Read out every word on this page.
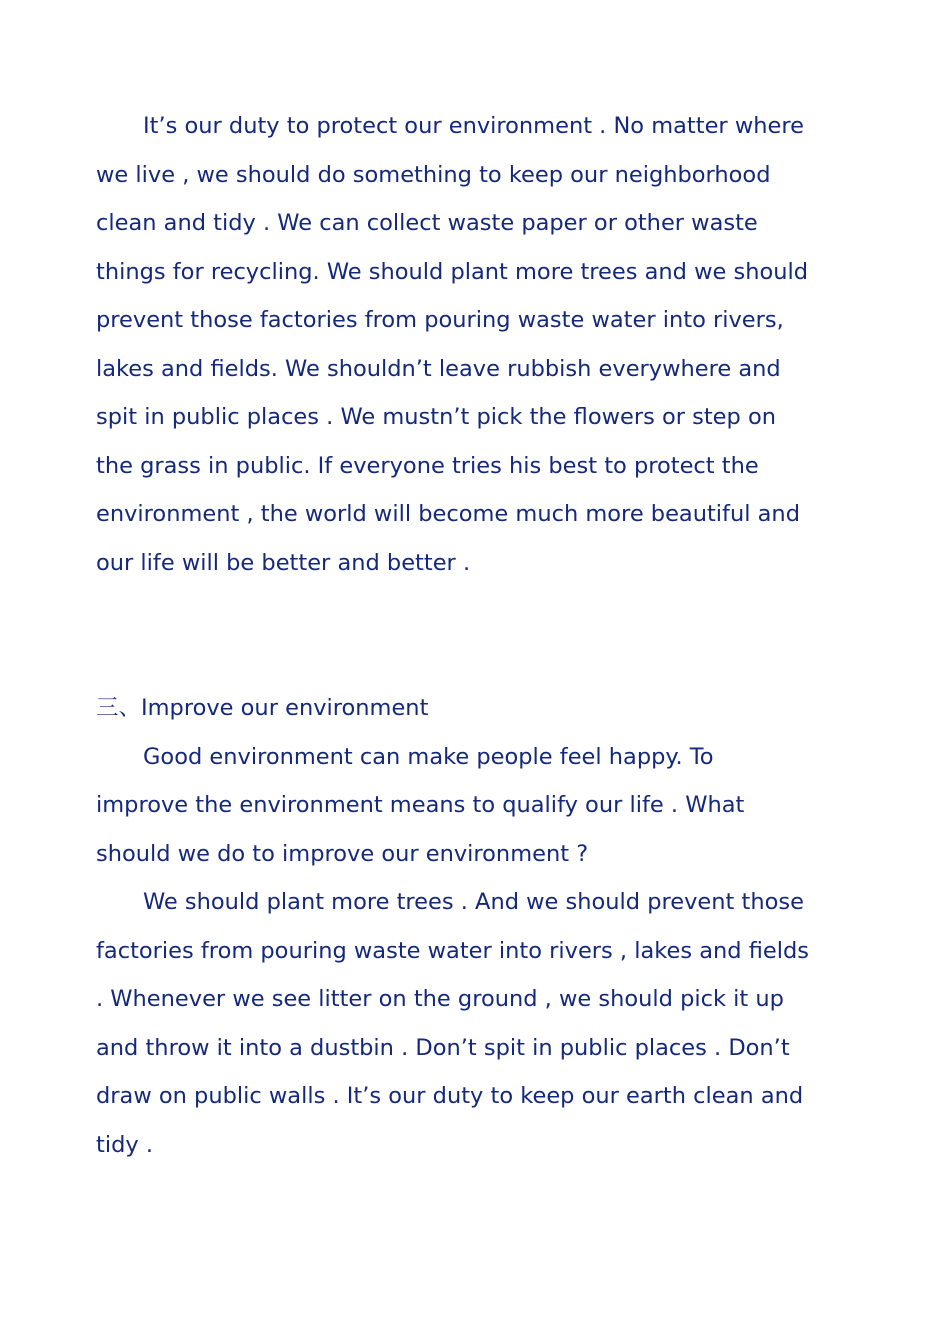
It’s our duty to protect our environment . No matter where
we live , we should do something to keep our neighborhood
clean and tidy . We can collect waste paper or other waste
things for recycling. We should plant more trees and we should
prevent those factories from pouring waste water into rivers,
lakes and fields. We shouldn’t leave rubbish everywhere and
spit in public places . We mustn’t pick the flowers or step on
the grass in public. If everyone tries his best to protect the
environment , the world will become much more beautiful and
our life will be better and better .
三、Improve our environment
Good environment can make people feel happy. To
improve the environment means to qualify our life . What
should we do to improve our environment ?
We should plant more trees . And we should prevent those
factories from pouring waste water into rivers , lakes and fields
. Whenever we see litter on the ground , we should pick it up
and throw it into a dustbin . Don’t spit in public places . Don’t
draw on public walls . It’s our duty to keep our earth clean and
tidy .
